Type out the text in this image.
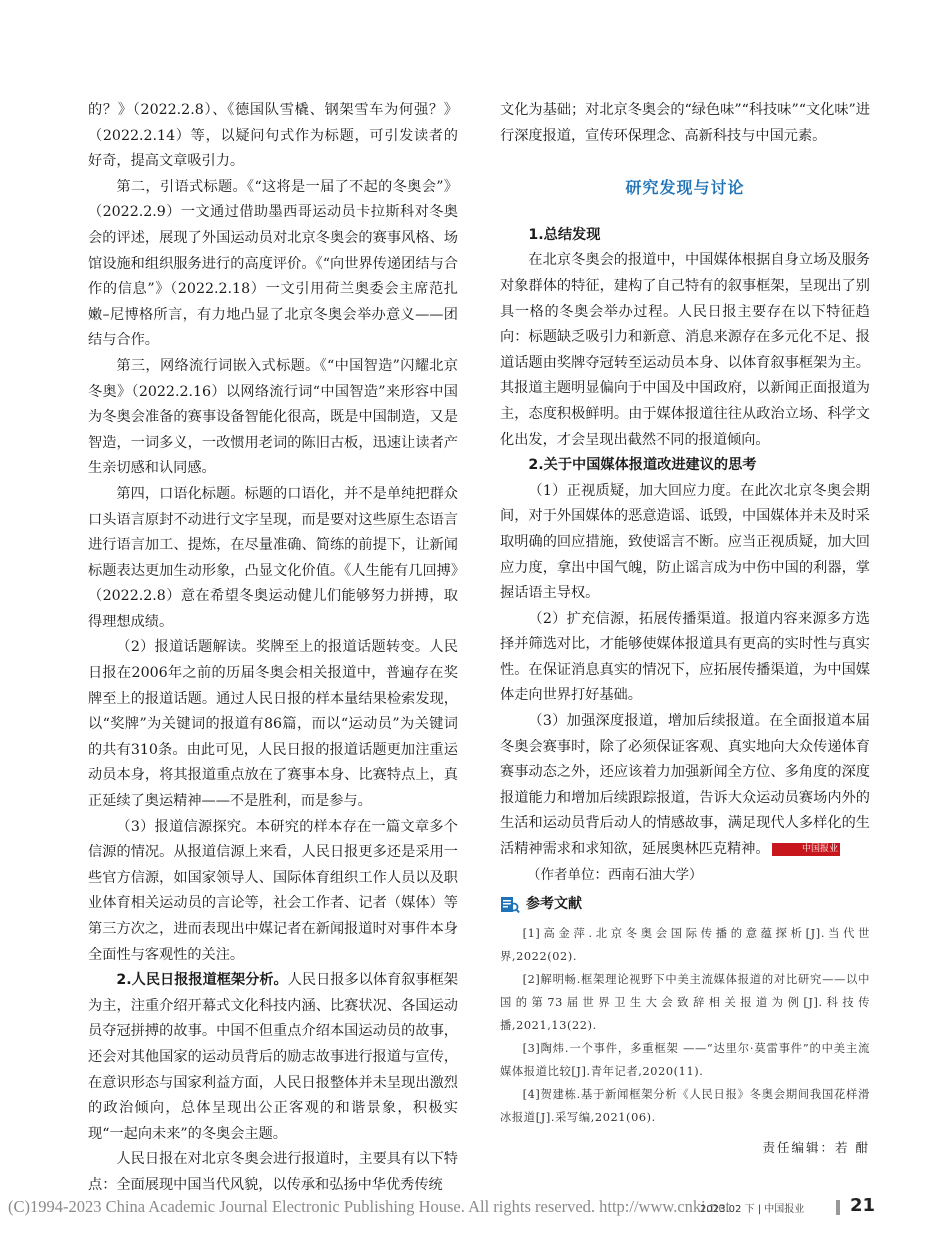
的？》（2022.2.8）、《德国队雪橇、钢架雪车为何强？》（2022.2.14）等，以疑问句式作为标题，可引发读者的好奇，提高文章吸引力。

第二，引语式标题。《“这将是一届了不起的冬奥会”》（2022.2.9）一文通过借助墨西哥运动员卡拉斯科对冬奥会的评述，展现了外国运动员对北京冬奥会的赛事风格、场馆设施和组织服务进行的高度评价。《“向世界传递团结与合作的信息”》（2022.2.18）一文引用荷兰奥委会主席范扎嫩–尼博格所言，有力地凸显了北京冬奥会举办意义——团结与合作。

第三，网络流行词嵌入式标题。《“中国智造”闪耀北京冬奥》（2022.2.16）以网络流行词“中国智造”来形容中国为冬奥会准备的赛事设备智能化很高，既是中国制造，又是智造，一词多义，一改惯用老词的陈旧古板，迅速让读者产生亲切感和认同感。

第四，口语化标题。标题的口语化，并不是单纯把群众口头语言原封不动进行文字呈现，而是要对这些原生态语言进行语言加工、提炼，在尽量准确、简练的前提下，让新闻标题表达更加生动形象，凸显文化价值。《人生能有几回搏》（2022.2.8）意在希望冬奥运动健儿们能够努力拼搏，取得理想成绩。

（2）报道话题解读。奖牌至上的报道话题转变。人民日报在2006年之前的历届冬奥会相关报道中，普遍存在奖牌至上的报道话题。通过人民日报的样本量结果检索发现，以“奖牌”为关键词的报道有86篇，而以“运动员”为关键词的共有310条。由此可见，人民日报的报道话题更加注重运动员本身，将其报道重点放在了赛事本身、比赛特点上，真正延续了奥运精神——不是胜利，而是参与。

（3）报道信源探究。本研究的样本存在一篇文章多个信源的情况。从报道信源上来看，人民日报更多还是采用一些官方信源，如国家领导人、国际体育组织工作人员以及职业体育相关运动员的言论等，社会工作者、记者（媒体）等第三方次之，进而表现出中媒记者在新闻报道时对事件本身全面性与客观性的关注。

2.人民日报报道框架分析。人民日报多以体育叙事框架为主，注重介绍开幕式文化科技内涵、比赛状况、各国运动员夺冠拼搏的故事。中国不但重点介绍本国运动员的故事，还会对其他国家的运动员背后的励志故事进行报道与宣传，在意识形态与国家利益方面，人民日报整体并未呈现出激烈的政治倾向，总体呈现出公正客观的和谐景象，积极实现“一起向未来”的冬奥会主题。

人民日报在对北京冬奥会进行报道时，主要具有以下特点：全面展现中国当代风貌，以传承和弘扬中华优秀传统

文化为基础；对北京冬奥会的“绿色味”“科技味”“文化味”进行深度报道，宣传环保理念、高新科技与中国元素。

研究发现与讨论

1.总结发现

在北京冬奥会的报道中，中国媒体根据自身立场及服务对象群体的特征，建构了自己特有的叙事框架，呈现出了别具一格的冬奥会举办过程。人民日报主要存在以下特征趋向：标题缺乏吸引力和新意、消息来源存在多元化不足、报道话题由奖牌夺冠转至运动员本身、以体育叙事框架为主。其报道主题明显偏向于中国及中国政府，以新闻正面报道为主，态度积极鲜明。由于媒体报道往往从政治立场、科学文化出发，才会呈现出截然不同的报道倾向。

2.关于中国媒体报道改进建议的思考

（1）正视质疑，加大回应力度。在此次北京冬奥会期间，对于外国媒体的恶意造谣、诋毁，中国媒体并未及时采取明确的回应措施，致使谣言不断。应当正视质疑，加大回应力度，拿出中国气魄，防止谣言成为中伤中国的利器，掌握话语主导权。

（2）扩充信源，拓展传播渠道。报道内容来源多方选择并筛选对比，才能够使媒体报道具有更高的实时性与真实性。在保证消息真实的情况下，应拓展传播渠道，为中国媒体走向世界打好基础。

（3）加强深度报道，增加后续报道。在全面报道本届冬奥会赛事时，除了必须保证客观、真实地向大众传递体育赛事动态之外，还应该着力加强新闻全方位、多角度的深度报道能力和增加后续跟踪报道，告诉大众运动员赛场内外的生活和运动员背后动人的情感故事，满足现代人多样化的生活精神需求和求知欲，延展奥林匹克精神。	中国报业

（作者单位：西南石油大学）

参考文献

[1]高金萍.北京冬奥会国际传播的意蕴探析[J].当代世界,2022(02).

[2]解明畅.框架理论视野下中美主流媒体报道的对比研究——以中国的第73届世界卫生大会致辞相关报道为例[J].科技传播,2021,13(22).

[3]陶炜.一个事件，多重框架 ——“达里尔·莫雷事件”的中美主流媒体报道比较[J].青年记者,2020(11).

[4]贺建栋.基于新闻框架分析《人民日报》冬奥会期间我国花样滑冰报道[J].采写编,2021(06).

责任编辑：若 酣
(C)1994-2023 China Academic Journal Electronic Publishing House. All rights reserved. http://www.cnki.net
2023.02 下 | 中国报业	21
